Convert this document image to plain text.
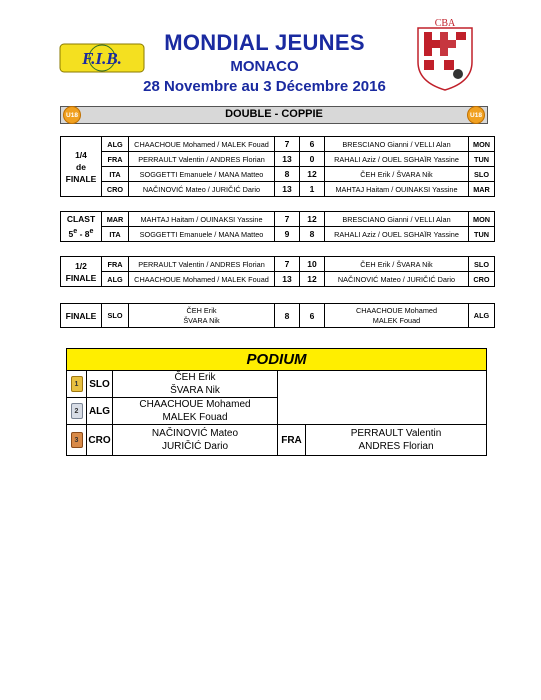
F.I.B.
MONDIAL JEUNES
MONACO
28 Novembre au 3 Décembre 2016
CBA
U18	DOUBLE - COPPIE	U18
1/4
de
FINALE	ALG	CHAACHOUE Mohamed / MALEK Fouad	7	6	BRESCIANO Gianni / VELLI Alan	MON
	FRA	PERRAULT Valentin / ANDRES Florian	13	0	RAHALI Aziz / OUEL SGHAÏR Yassine	TUN
	ITA	SOGGETTI Emanuele / MANA Matteo	8	12	ČEH Erik / ŠVARA Nik	SLO
	CRO	NAČINOVIĆ Mateo / JURIČIĆ Dario	13	1	MAHTAJ Haitam / OUINAKSI Yassine	MAR
CLAST
5e - 8e	MAR	MAHTAJ Haitam / OUINAKSI Yassine	7	12	BRESCIANO Gianni / VELLI Alan	MON
	ITA	SOGGETTI Emanuele / MANA Matteo	9	8	RAHALI Aziz / OUEL SGHAÏR Yassine	TUN
1/2
FINALE	FRA	PERRAULT Valentin / ANDRES Florian	7	10	ČEH Erik / ŠVARA Nik	SLO
	ALG	CHAACHOUE Mohamed / MALEK Fouad	13	12	NAČINOVIĆ Mateo / JURIČIĆ Dario	CRO
FINALE	SLO	ČEH Erik
ŠVARA Nik	8	6	CHAACHOUE Mohamed
MALEK Fouad	ALG
PODIUM				

1	SLO	ČEH Erik
ŠVARA Nik		

2	ALG	CHAACHOUE Mohamed
MALEK Fouad		

3	CRO	NAČINOVIĆ Mateo
JURIČIĆ Dario	FRA	PERRAULT Valentin
ANDRES Florian
